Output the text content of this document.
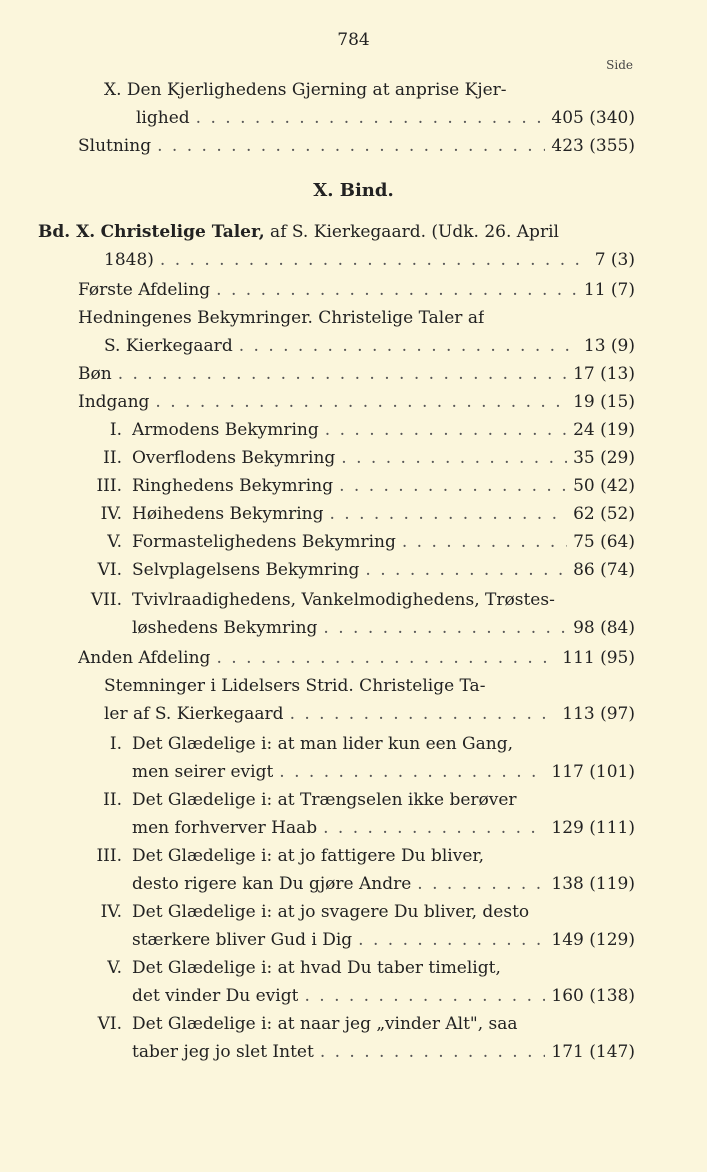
784
Side
X. Den Kjerlighedens Gjerning at anprise Kjer-
lighed . . .	405 (340)
Slutning . . .	423 (355)
X. Bind.
Bd. X. Christelige Taler, af S. Kierkegaard. (Udk. 26. April
1848) . . .	7 (3)
Første Afdeling . . .	11 (7)
Hedningenes Bekymringer. Christelige Taler af
S. Kierkegaard . . .	13 (9)
Bøn . . .	17 (13)
Indgang . . .	19 (15)
I. Armodens Bekymring . . .	24 (19)
II. Overflodens Bekymring . . .	35 (29)
III. Ringhedens Bekymring . . .	50 (42)
IV. Høihedens Bekymring . . .	62 (52)
V. Formastelighedens Bekymring . . .	75 (64)
VI. Selvplagelsens Bekymring . . .	86 (74)
VII. Tvivlraadighedens, Vankelmodighedens, Trøstes-
løshedens Bekymring . . .	98 (84)
Anden Afdeling . . .	111 (95)
Stemninger i Lidelsers Strid. Christelige Ta-
ler af S. Kierkegaard . . .	113 (97)
I. Det Glædelige i: at man lider kun een Gang,
men seirer evigt . . .	117 (101)
II. Det Glædelige i: at Trængselen ikke berøver
men forhverver Haab . . .	129 (111)
III. Det Glædelige i: at jo fattigere Du bliver,
desto rigere kan Du gjøre Andre . . .	138 (119)
IV. Det Glædelige i: at jo svagere Du bliver, desto
stærkere bliver Gud i Dig . . .	149 (129)
V. Det Glædelige i: at hvad Du taber timeligt,
det vinder Du evigt . . .	160 (138)
VI. Det Glædelige i: at naar jeg „vinder Alt", saa
taber jeg jo slet Intet . . .	171 (147)
